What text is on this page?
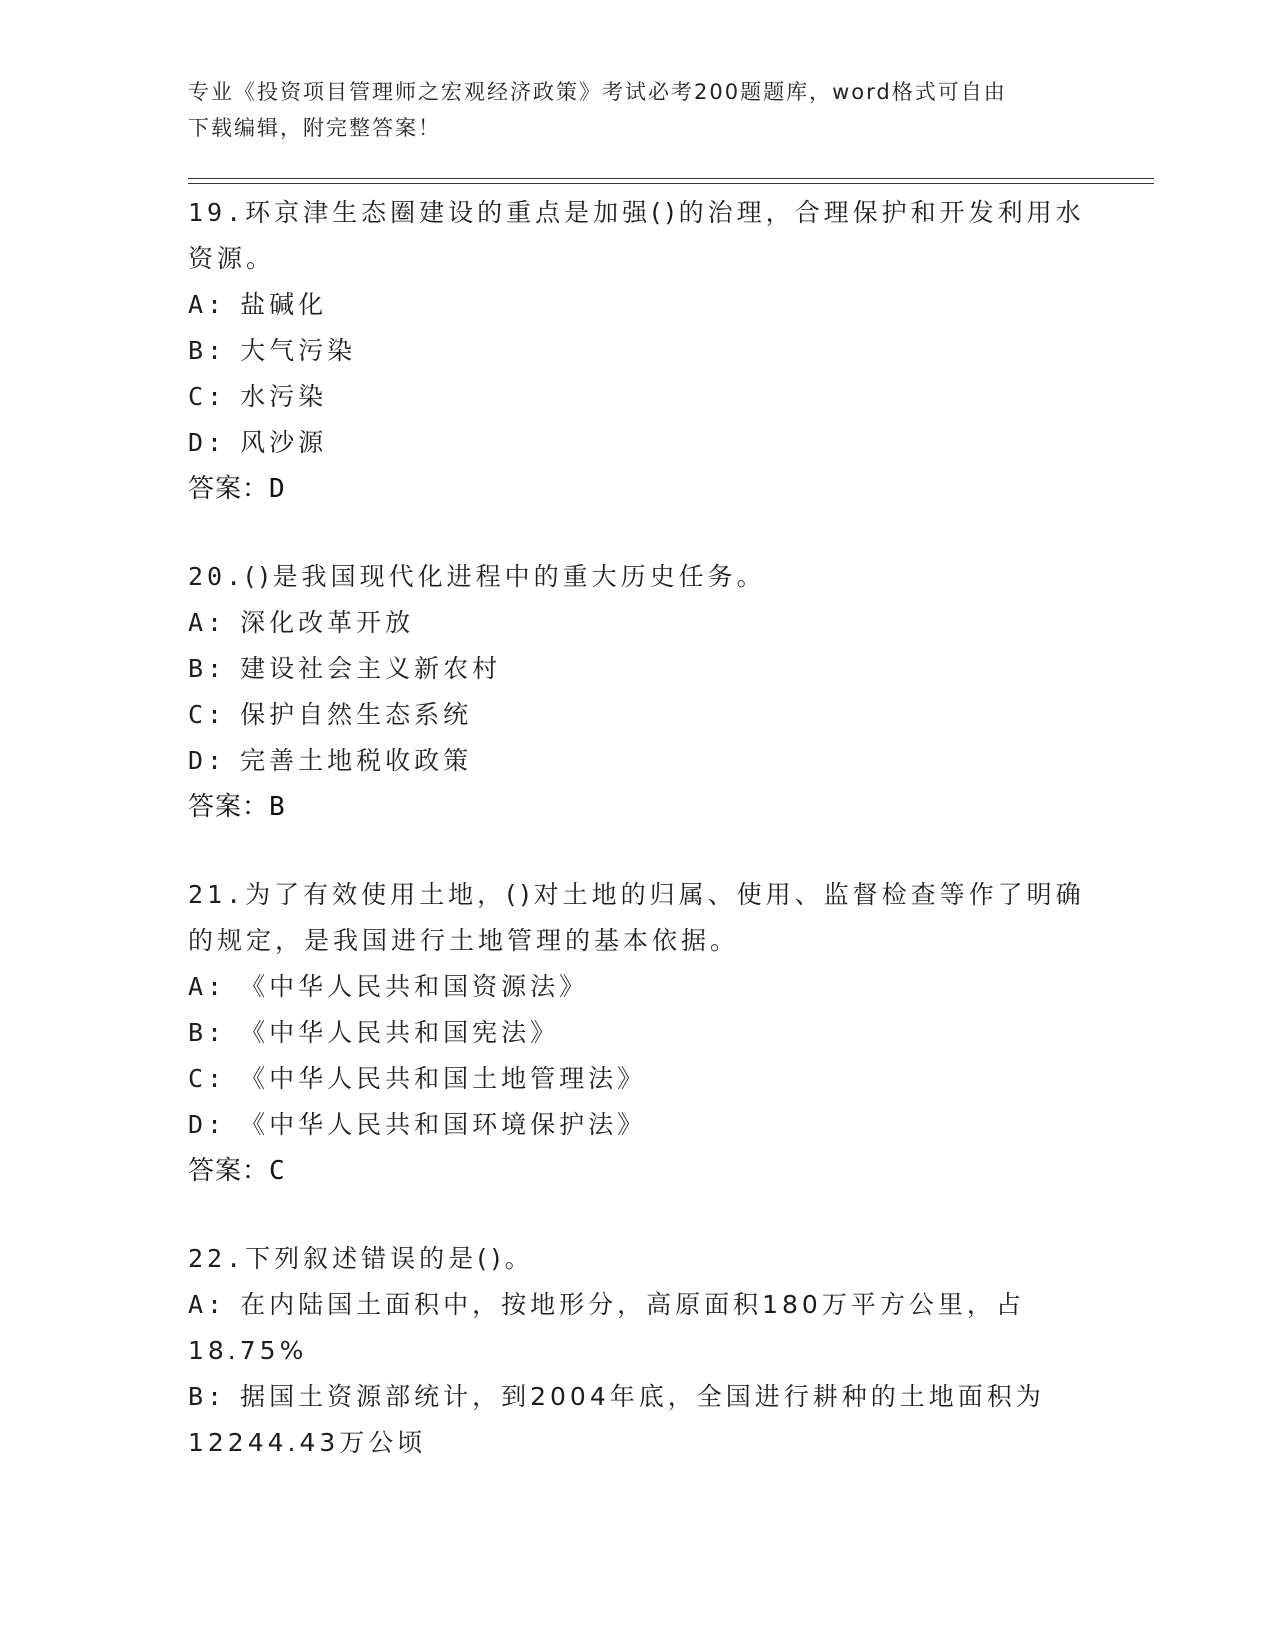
专业《投资项目管理师之宏观经济政策》考试必考200题题库，word格式可自由
下载编辑，附完整答案！
19.环京津生态圈建设的重点是加强()的治理，合理保护和开发利用水资源。
A: 盐碱化
B: 大气污染
C: 水污染
D: 风沙源
答案：D
20.()是我国现代化进程中的重大历史任务。
A: 深化改革开放
B: 建设社会主义新农村
C: 保护自然生态系统
D: 完善土地税收政策
答案：B
21.为了有效使用土地，()对土地的归属、使用、监督检查等作了明确的规定，是我国进行土地管理的基本依据。
A: 《中华人民共和国资源法》
B: 《中华人民共和国宪法》
C: 《中华人民共和国土地管理法》
D: 《中华人民共和国环境保护法》
答案：C
22.下列叙述错误的是()。
A: 在内陆国土面积中，按地形分，高原面积180万平方公里，占18.75%
B: 据国土资源部统计，到2004年底，全国进行耕种的土地面积为12244.43万公顷
